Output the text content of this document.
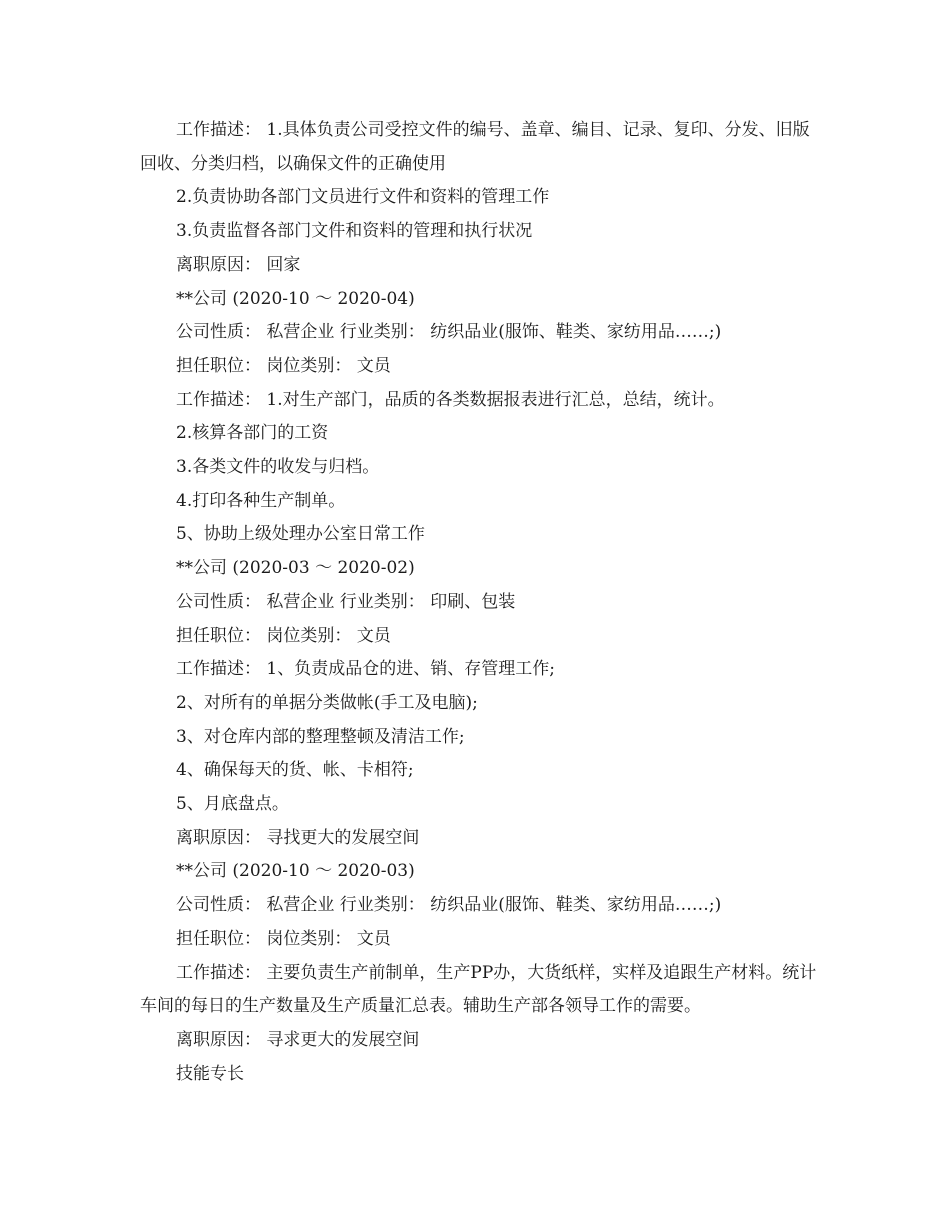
工作描述： 1.具体负责公司受控文件的编号、盖章、编目、记录、复印、分发、旧版回收、分类归档，以确保文件的正确使用

2.负责协助各部门文员进行文件和资料的管理工作

3.负责监督各部门文件和资料的管理和执行状况

离职原因： 回家

**公司 (2020-10 ～ 2020-04)

公司性质： 私营企业 行业类别： 纺织品业(服饰、鞋类、家纺用品……;)

担任职位： 岗位类别： 文员

工作描述： 1.对生产部门，品质的各类数据报表进行汇总，总结，统计。

2.核算各部门的工资

3.各类文件的收发与归档。

4.打印各种生产制单。

5、协助上级处理办公室日常工作

**公司 (2020-03 ～ 2020-02)

公司性质： 私营企业 行业类别： 印刷、包装

担任职位： 岗位类别： 文员

工作描述： 1、负责成品仓的进、销、存管理工作;

2、对所有的单据分类做帐(手工及电脑);

3、对仓库内部的整理整顿及清洁工作;

4、确保每天的货、帐、卡相符;

5、月底盘点。

离职原因： 寻找更大的发展空间

**公司 (2020-10 ～ 2020-03)

公司性质： 私营企业 行业类别： 纺织品业(服饰、鞋类、家纺用品……;)

担任职位： 岗位类别： 文员

工作描述： 主要负责生产前制单，生产PP办，大货纸样，实样及追跟生产材料。统计车间的每日的生产数量及生产质量汇总表。辅助生产部各领导工作的需要。

离职原因： 寻求更大的发展空间

技能专长
